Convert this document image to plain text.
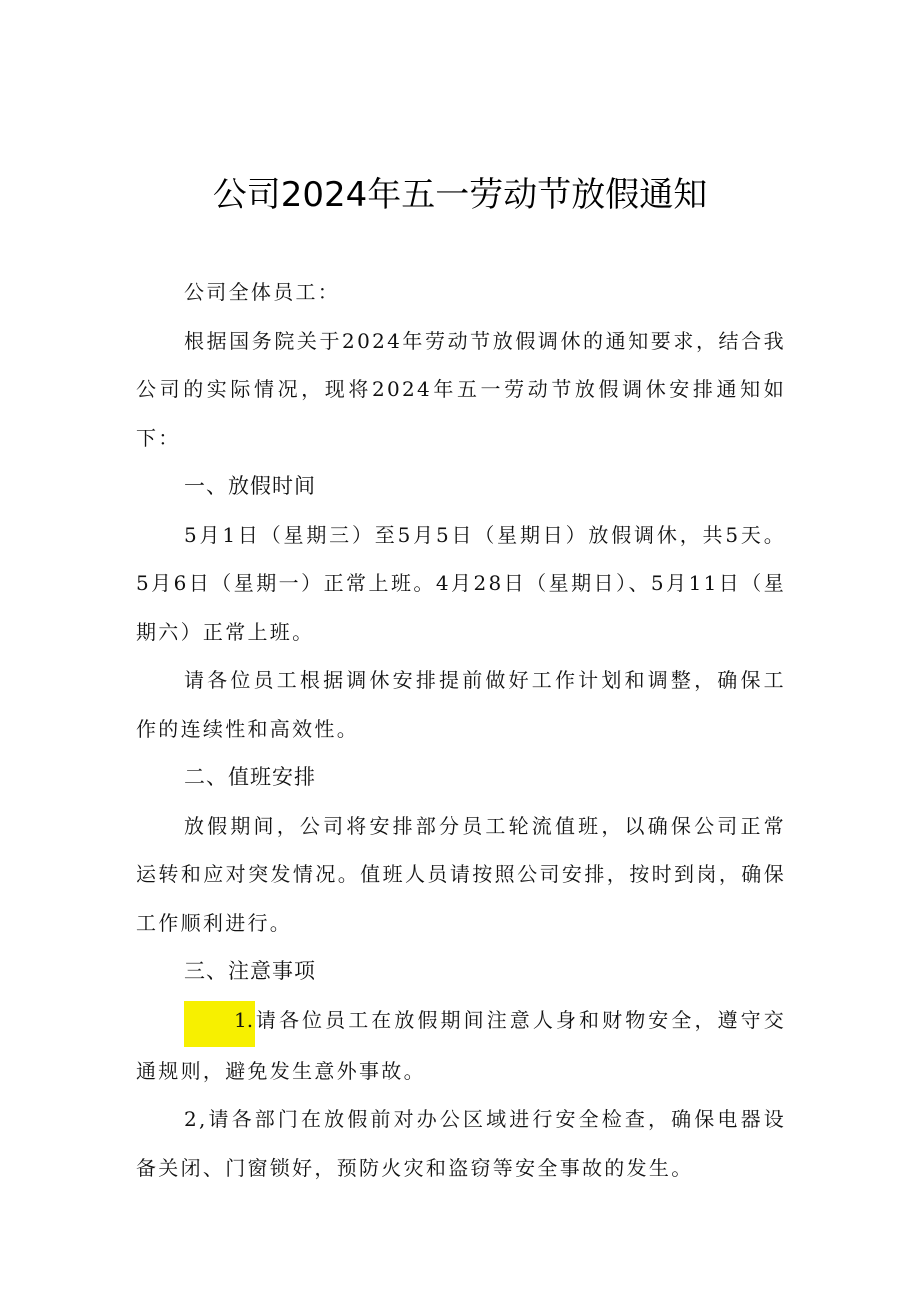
公司2024年五一劳动节放假通知

公司全体员工：

根据国务院关于2024年劳动节放假调休的通知要求，结合我公司的实际情况，现将2024年五一劳动节放假调休安排通知如下：

一、放假时间

5月1日（星期三）至5月5日（星期日）放假调休，共5天。5月6日（星期一）正常上班。4月28日（星期日）、5月11日（星期六）正常上班。

请各位员工根据调休安排提前做好工作计划和调整，确保工作的连续性和高效性。

二、值班安排

放假期间，公司将安排部分员工轮流值班，以确保公司正常运转和应对突发情况。值班人员请按照公司安排，按时到岗，确保工作顺利进行。

三、注意事项

1. 请各位员工在放假期间注意人身和财物安全，遵守交通规则，避免发生意外事故。

2,请各部门在放假前对办公区域进行安全检查，确保电器设备关闭、门窗锁好，预防火灾和盗窃等安全事故的发生。
